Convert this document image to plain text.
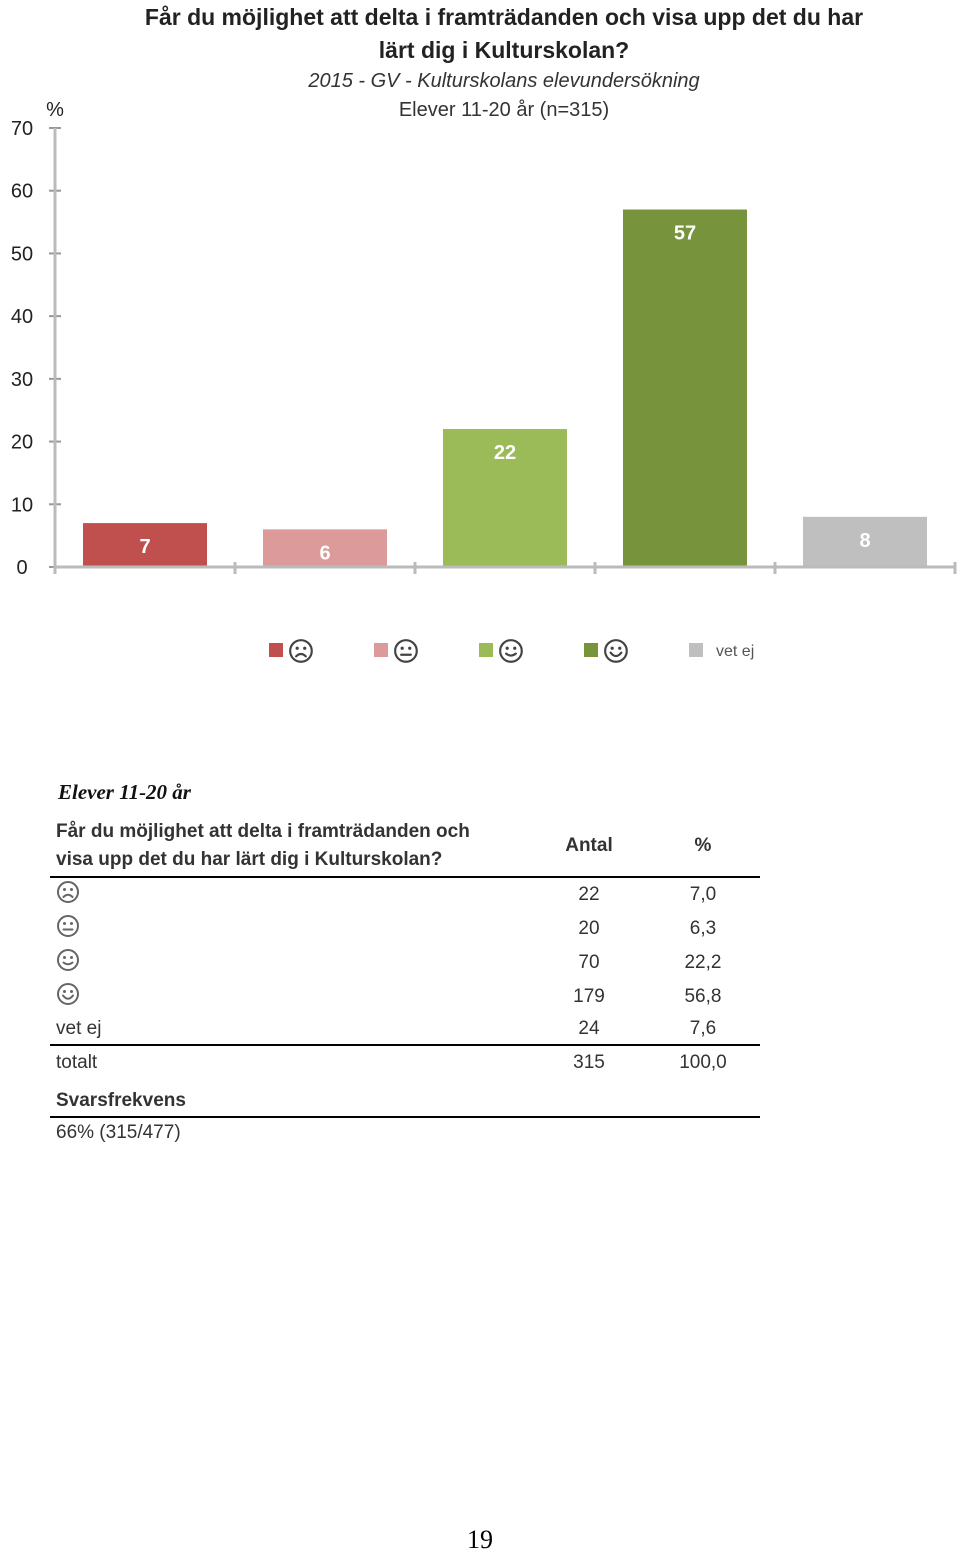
Får du möjlighet att delta i framträdanden och visa upp det du har
lärt dig i Kulturskolan?
2015 - GV - Kulturskolans elevundersökning
Elever 11-20 år (n=315)
%
0
10
20
30
40
50
60
70
7	6
22
57
8
vet ej
Elever 11-20 år
Får du möjlighet att delta i framträdanden och
visa upp det du har lärt dig i Kulturskolan?	Antal	%
	22	7,0
	20	6,3
	70	22,2
	179	56,8
vet ej	24	7,6
totalt	315	100,0
Svarsfrekvens
66% (315/477)
19
